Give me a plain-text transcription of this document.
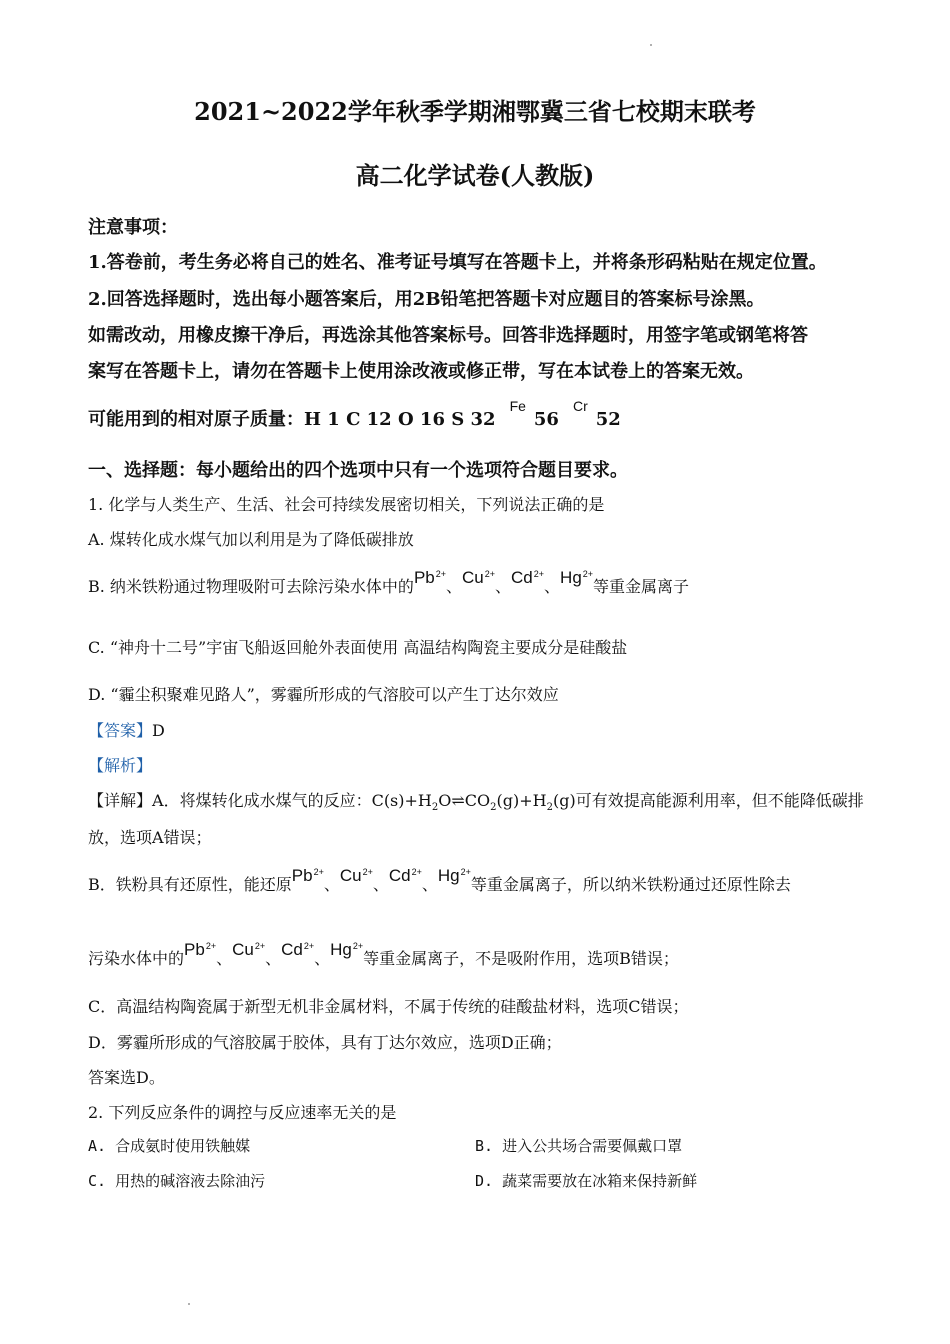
2021~2022学年秋季学期湘鄂冀三省七校期末联考
高二化学试卷(人教版)
注意事项：
1.答卷前，考生务必将自己的姓名、准考证号填写在答题卡上，并将条形码粘贴在规定位置。
2.回答选择题时，选出每小题答案后，用2B铅笔把答题卡对应题目的答案标号涂黑。
如需改动，用橡皮擦干净后，再选涂其他答案标号。回答非选择题时，用签字笔或钢笔将答
案写在答题卡上，请勿在答题卡上使用涂改液或修正带，写在本试卷上的答案无效。
可能用到的相对原子质量：H 1 C 12 O 16 S $32^{Fe}56^{Cr}52$
一、选择题：每小题给出的四个选项中只有一个选项符合题目要求。
1. 化学与人类生产、生活、社会可持续发展密切相关，下列说法正确的是
A. 煤转化成水煤气加以利用是为了降低碳排放
B. 纳米铁粉通过物理吸附可去除污染水体中的$Pb^{2+}$、$Cu^{2+}$、$Cd^{2+}$、$Hg^{2+}$等重金属离子
C. “神舟十二号”宇宙飞船返回舱外表面使用 高温结构陶瓷主要成分是硅酸盐
D. “霾尘积聚难见路人”，雾霾所形成的气溶胶可以产生丁达尔效应
【答案】D
【解析】
【详解】A．将煤转化成水煤气的反应：$C(s)+H_2O\rightleftharpoons CO_2(g)+H_2(g)$可有效提高能源利用率，但不能降低碳排
放，选项A错误；
B．铁粉具有还原性，能还原$Pb^{2+}$、$Cu^{2+}$、$Cd^{2+}$、$Hg^{2+}$等重金属离子，所以纳米铁粉通过还原性除去
污染水体中的$Pb^{2+}$、$Cu^{2+}$、$Cd^{2+}$、$Hg^{2+}$等重金属离子，不是吸附作用，选项B错误；
C．高温结构陶瓷属于新型无机非金属材料，不属于传统的硅酸盐材料，选项C错误；
D．雾霾所形成的气溶胶属于胶体，具有丁达尔效应，选项D正确；
答案选D。
2. 下列反应条件的调控与反应速率无关的是
A. 合成氨时使用铁触媒	B. 进入公共场合需要佩戴口罩
C. 用热的碱溶液去除油污	D. 蔬菜需要放在冰箱来保持新鲜
